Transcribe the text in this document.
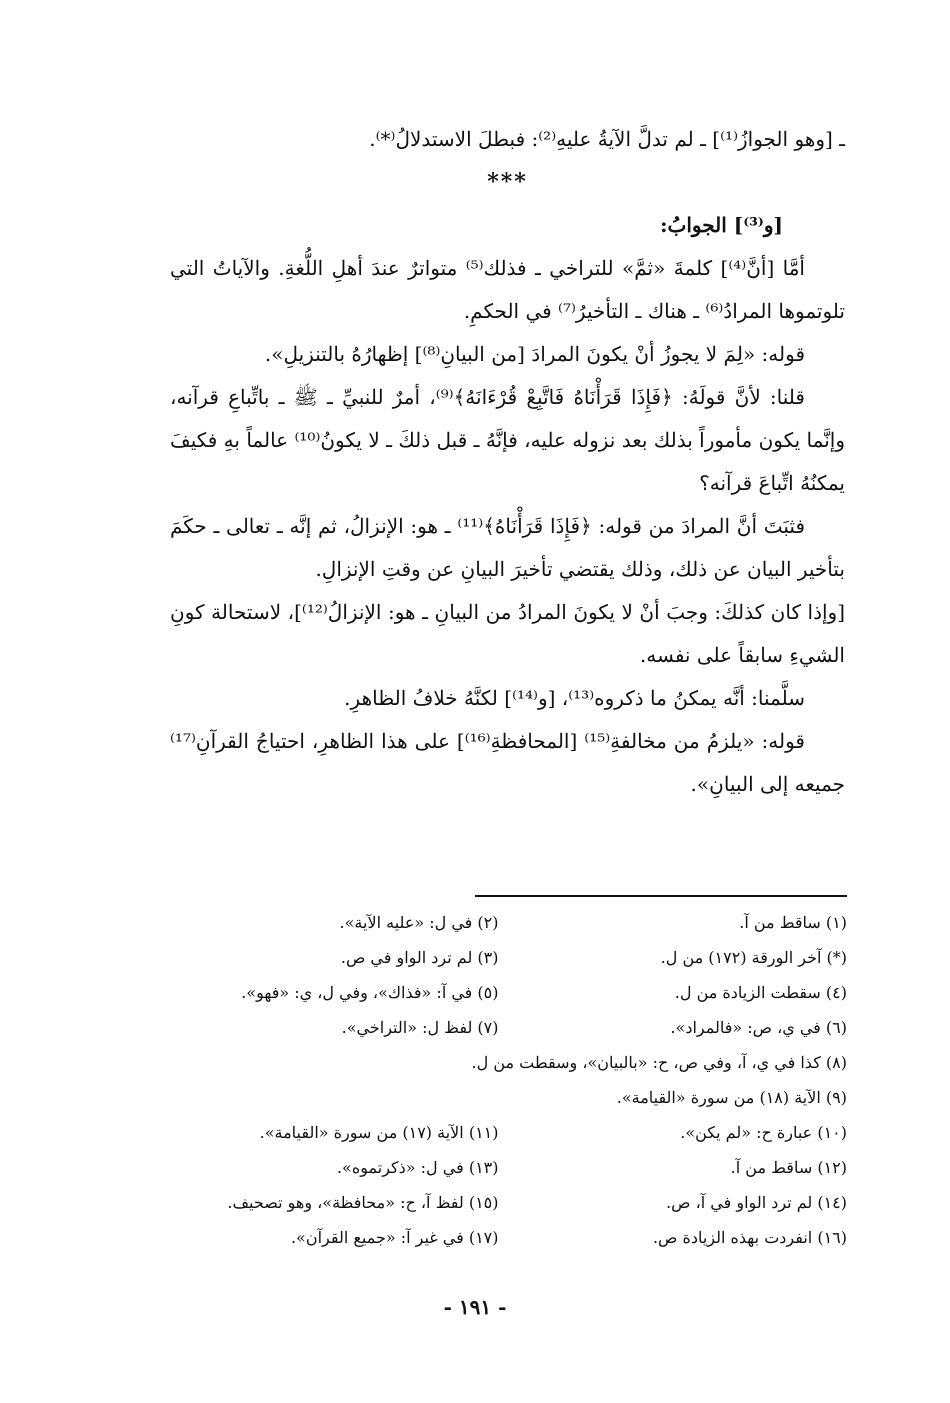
ـ [وهو الجوازُ⁽¹⁾] ـ لم تدلَّ الآيةُ عليهِ⁽²⁾: فبطلَ الاستدلالُ⁽*⁾.

***

[و⁽³⁾] الجوابُ:

أمَّا [أنَّ⁽⁴⁾] كلمةَ «ثمَّ» للتراخي ـ فذلك⁽⁵⁾ متواترٌ عندَ أهلِ اللُّغةِ. والآياتُ التي تلوتموها المرادُ⁽⁶⁾ ـ هناك ـ التأخيرُ⁽⁷⁾ في الحكمِ.

قوله: «لِمَ لا يجوزُ أنْ يكونَ المرادَ [من البيانِ⁽⁸⁾] إظهارُهُ بالتنزيلِ».

قلنا: لأنَّ قولَهُ: ﴿فَإِذَا قَرَأْنَاهُ فَاتَّبِعْ قُرْءَانَهُ﴾⁽⁹⁾، أمرٌ للنبيِّ ـ ﷺ ـ باتِّباعِ قرآنه، وإنَّما يكون مأموراً بذلك بعد نزوله عليه، فإنَّهُ ـ قبل ذلكَ ـ لا يكونُ⁽¹⁰⁾ عالماً بهِ فكيفَ يمكنُهُ اتِّباعَ قرآنه؟

فثبَتَ أنَّ المرادَ من قوله: ﴿فَإِذَا قَرَأْنَاهُ﴾⁽¹¹⁾ ـ هو: الإنزالُ، ثم إنَّه ـ تعالى ـ حكَمَ بتأخير البيان عن ذلك، وذلك يقتضي تأخيرَ البيانِ عن وقتِ الإنزالِ.

[وإذا كان كذلكَ: وجبَ أنْ لا يكونَ المرادُ من البيانِ ـ هو: الإنزالُ⁽¹²⁾]، لاستحالة كونِ الشيءِ سابقاً على نفسه.

سلَّمنا: أنَّه يمكنُ ما ذكروه⁽¹³⁾، [و⁽¹⁴⁾] لكنَّهُ خلافُ الظاهرِ.

قوله: «يلزمُ من مخالفةِ⁽¹⁵⁾ [المحافظةِ⁽¹⁶⁾] على هذا الظاهرِ، احتياجُ القرآنِ⁽¹⁷⁾ جميعه إلى البيانِ».

(١) ساقط من آ.
(٢) في ل: «عليه الآية».
(*) آخر الورقة (١٧٢) من ل.
(٣) لم ترد الواو في ص.
(٤) سقطت الزيادة من ل.
(٥) في آ: «فذاك»، وفي ل، ي: «فهو».
(٦) في ي، ص: «فالمراد».
(٧) لفظ ل: «التراخي».
(٨) كذا في ي، آ، وفي ص، ح: «بالبيان»، وسقطت من ل.
(٩) الآية (١٨) من سورة «القيامة».
(١٠) عبارة ح: «لم يكن».
(١١) الآية (١٧) من سورة «القيامة».
(١٢) ساقط من آ.
(١٣) في ل: «ذكرتموه».
(١٤) لم ترد الواو في آ، ص.
(١٥) لفظ آ، ح: «محافظة»، وهو تصحيف.
(١٦) انفردت بهذه الزيادة ص.
(١٧) في غير آ: «جميع القرآن».
- ١٩١ -
